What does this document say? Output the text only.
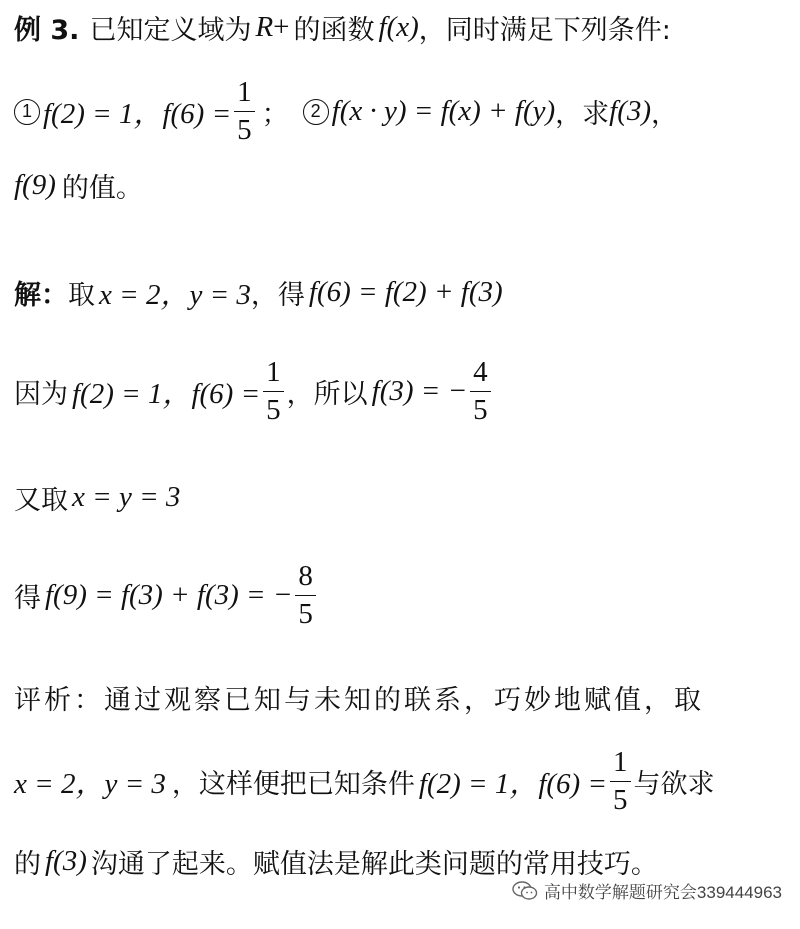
例 3. 已知定义域为 R + 的函数 f(x) ，同时满足下列条件:
1 f(2) = 1，$f(6) = \frac{1}{5}$ ；	2 f(x · y) = f(x) + f(y) ，求 f(3) ，
f(9) 的值。
解： 取 x = 2，y = 3 ，得 f(6) = f(2) + f(3)
因为 f(2) = 1，$f(6) = \frac{1}{5}$ ，所以 f(3) = − $\frac{4}{5}$
又取 x = y = 3
得 f(9) = f(3) + f(3) = − $\frac{8}{5}$
评析：通过观察已知与未知的联系，巧妙地赋值，取
x = 2，y = 3 ，这样便把已知条件 f(2) = 1，$f(6) = \frac{1}{5}$ 与欲求
的 f(3) 沟通了起来。赋值法是解此类问题的常用技巧。
高中数学解题研究会339444963
